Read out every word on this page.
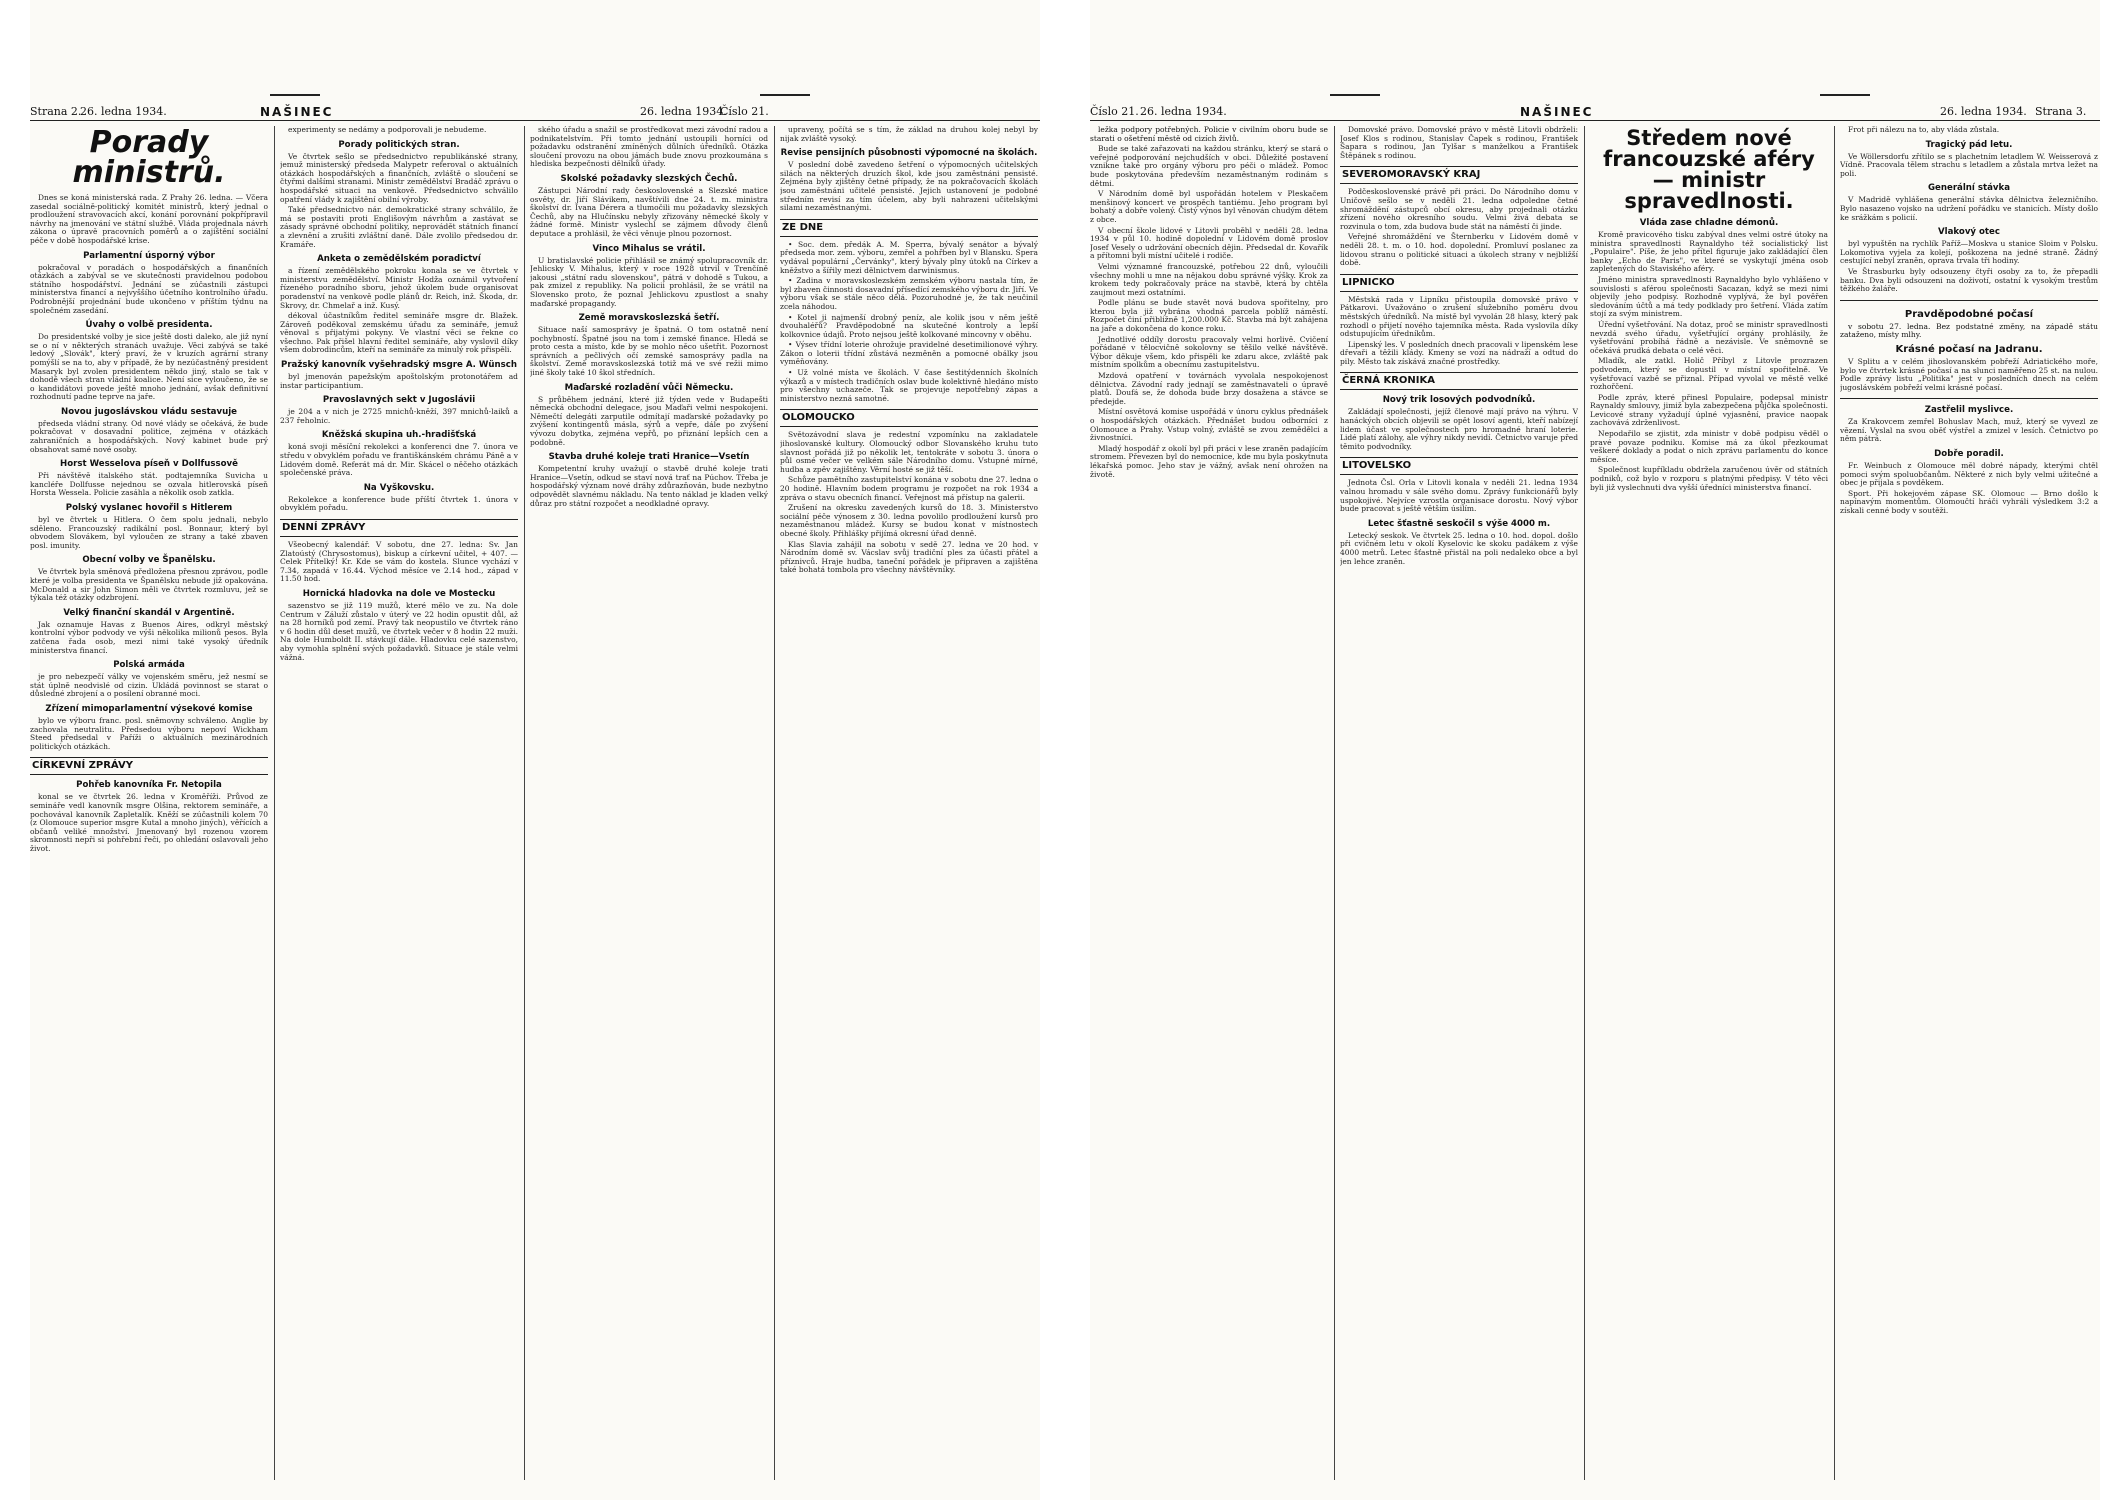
Strana 2.
26. ledna 1934.	NAŠINEC	26. ledna 1934.
Číslo 21.
Porady ministrů.

Dnes se koná ministerská rada. Z Prahy 26. ledna. — Včera zasedal sociálně-politický komitét ministrů, který jednal o prodloužení stravovacích akcí, konání porovnání pokpřípravil návrhy na jmenování ve státní službě. Vláda projednala návrh zákona o úpravě pracovních poměrů a o zajištění sociální péče v době hospodářské krise.

Parlamentní úsporný výbor

pokračoval v poradách o hospodářských a finančních otázkách a zabýval se ve skutečnosti pravidelnou podobou státního hospodářství. Jednání se zúčastnili zástupci ministerstva financí a nejvyššího účetního kontrolního úřadu. Podrobnější projednání bude ukončeno v příštím týdnu na společném zasedání.

Úvahy o volbě presidenta.

Do presidentské volby je sice ještě dosti daleko, ale již nyní se o ní v některých stranách uvažuje. Věci zabývá se také ledový „Slovák", který praví, že v kruzích agrární strany pomýšlí se na to, aby v případě, že by nezúčastněný president Masaryk byl zvolen presidentem někdo jiný, stalo se tak v dohodě všech stran vládní koalice. Není sice vyloučeno, že se o kandidátovi povede ještě mnoho jednání, avšak definitivní rozhodnutí padne teprve na jaře.

Novou jugoslávskou vládu sestavuje

předseda vládní strany. Od nové vlády se očekává, že bude pokračovat v dosavadní politice, zejména v otázkách zahraničních a hospodářských. Nový kabinet bude prý obsahovat samé nové osoby.

Horst Wesselova píseň v Dollfussově

Při návštěvě italského stát. podtajemníka Suvicha u kancléře Dollfusse nejednou se ozvala hitlerovská píseň Horsta Wessela. Policie zasáhla a několik osob zatkla.

Polský vyslanec hovořil s Hitlerem

byl ve čtvrtek u Hitlera. O čem spolu jednali, nebylo sděleno. Francouzský radikální posl. Bonnaur, který byl obvodem Slovákem, byl vyloučen ze strany a také zbaven posl. imunity.

Obecní volby ve Španělsku.

Ve čtvrtek byla směnová předložena přesnou zprávou, podle které je volba presidenta ve Španělsku nebude již opakována. McDonald a sir John Simon měli ve čtvrtek rozmluvu, jež se týkala též otázky odzbrojení.

Velký finanční skandál v Argentině.

Jak oznamuje Havas z Buenos Aires, odkryl městský kontrolní výbor podvody ve výši několika milionů pesos. Byla zatčena řada osob, mezi nimi také vysoký úředník ministerstva financí.

Polská armáda

je pro nebezpečí války ve vojenském směru, jež nesmí se stát úplně neodvislé od cizin. Ukládá povinnost se starat o důsledné zbrojení a o posílení obranné moci.

Zřízení mimoparlamentní výsekové komise

bylo ve výboru franc. posl. sněmovny schváleno. Anglie by zachovala neutralitu. Předsedou výboru nepoví Wickham Steed předsedal v Paříži o aktuálních mezinárodních politických otázkách.

CÍRKEVNÍ ZPRÁVY
Pohřeb kanovníka Fr. Netopila

konal se ve čtvrtek 26. ledna v Kroměříži. Průvod ze semináře vedl kanovník msgre Olšina, rektorem semináře, a pochovával kanovník Zapletalík. Kněží se zúčastnili kolem 70 (z Olomouce superior msgre Kutal a mnoho jiných), věřících a občanů veliké množství. Jmenovaný byl rozenou vzorem skromnosti nepři si pohřební řeči, po ohledání oslavovali jeho život.

experimenty se nedámy a podporovali je nebudeme.

Porady politických stran.

Ve čtvrtek sešlo se předsednictvo republikánské strany, jemuž ministerský předseda Malypetr referoval o aktuálních otázkách hospodářských a finančních, zvláště o sloučení se čtyřmi dalšími stranami. Ministr zemědělství Bradáč zprávu o hospodářské situaci na venkově. Předsednictvo schválilo opatření vlády k zajištění obilní výroby.

Také předsednictvo nár. demokratické strany schválilo, že má se postaviti proti Englišovým návrhům a zastávat se zásady správné obchodní politiky, neprovádět státních financí a zlevnění a zrušiti zvláštní daně. Dále zvolilo předsedou dr. Kramáře.

Anketa o zemědělském poradictví

a řízení zemědělského pokroku konala se ve čtvrtek v ministerstvu zemědělství. Ministr Hodža oznámil vytvoření řízeného poradního sboru, jehož úkolem bude organisovat poradenství na venkově podle plánů dr. Reich, inž. Škoda, dr. Skrovy, dr. Chmelař a inž. Kusý.

dékoval účastníkům ředitel semináře msgre dr. Blažek. Zároveň poděkoval zemskému úřadu za semináře, jemuž věnoval s přijatými pokyny. Ve vlastní věci se řekne co všechno. Pak přišel hlavní ředitel semináře, aby vyslovil díky všem dobrodincům, kteří na semináře za minulý rok přispěli.

Pražský kanovník vyšehradský msgre A. Wünsch

byl jmenován papežským apoštolským protonotářem ad instar participantium.

Pravoslavných sekt v Jugoslávii

je 204 a v nich je 2725 mnichů-kněží, 397 mnichů-laiků a 237 řeholnic.

Kněžská skupina uh.-hradišťská

koná svoji měsíční rekolekci a konferenci dne 7. února ve středu v obvyklém pořadu ve františkánském chrámu Páně a v Lidovém domě. Referát má dr. Mir. Skácel o něčeho otázkách společenské práva.

Na Vyškovsku.

Rekolekce a konference bude příští čtvrtek 1. února v obvyklém pořadu.

DENNÍ ZPRÁVY

Všeobecný kalendář. V sobotu, dne 27. ledna: Sv. Jan Zlatoústý (Chrysostomus), biskup a církevní učitel, + 407. — Celek Přítelký! Kr. Kde se vám do kostela. Slunce vychází v 7.34, zapadá v 16.44. Východ měsíce ve 2.14 hod., západ v 11.50 hod.

Hornická hladovka na dole ve Mostecku

sazenstvo se již 119 mužů, které mělo ve zu. Na dole Centrum v Záluží zůstalo v úterý ve 22 hodin opustit důl, až na 28 horníků pod zemí. Pravý tak neopustilo ve čtvrtek ráno v 6 hodin důl deset mužů, ve čtvrtek večer v 8 hodin 22 muži. Na dole Humboldt II. stávkují dále. Hladovku celé sazenstvo, aby vymohla splnění svých požadavků. Situace je stále velmi vážná.

ského úřadu a snažil se prostředkovat mezi závodní radou a podnikatelstvím. Při tomto jednání ustoupili horníci od požadavku odstranění zmíněných důlních úředníků. Otázka sloučení provozu na obou jámách bude znovu prozkoumána s hlediska bezpečnosti dělníků úřady.

Skolské požadavky slezských Čechů.

Zástupci Národní rady československé a Slezské matice osvěty, dr. Jiří Slávikem, navštívili dne 24. t. m. ministra školství dr. Ivana Dérera a tlumočili mu požadavky slezských Čechů, aby na Hlučínsku nebyly zřizovány německé školy v žádné formě. Ministr vyslechl se zájmem důvody členů deputace a prohlásil, že věci věnuje plnou pozornost.

Vinco Mihalus se vrátil.

U bratislavské policie přihlásil se známý spolupracovník dr. Jehlicsky V. Mihalus, který v roce 1928 utrvil v Trenčíně jakousi „státní radu slovenskou", pátrá v dohodě s Tukou, a pak zmizel z republiky. Na policii prohlásil, že se vrátil na Slovensko proto, že poznal Jehlickovu zpustlost a snahy maďarské propagandy.

Země moravskoslezská šetří.

Situace naší samosprávy je špatná. O tom ostatně není pochybností. Špatné jsou na tom i zemské finance. Hledá se proto cesta a místo, kde by se mohlo něco ušetřit. Pozornost správních a pečlivých očí zemské samosprávy padla na školství. Země moravskoslezská totiž má ve své režii mimo jiné školy také 10 škol středních.

Maďarské rozladění vůči Německu.

S průběhem jednání, které již týden vede v Budapešti německá obchodní delegace, jsou Maďaři velmi nespokojeni. Němečtí delegáti zarputile odmítají maďarské požadavky po zvýšení kontingentů másla, sýrů a vepře, dále po zvýšení vývozu dobytka, zejména vepřů, po přiznání lepších cen a podobně.

Stavba druhé koleje trati Hranice—Vsetín

Kompetentní kruhy uvažují o stavbě druhé koleje trati Hranice—Vsetín, odkud se staví nová trať na Púchov. Třeba je hospodářský význam nové dráhy zdůrazňován, bude nezbytno odpovědět slavnému nákladu. Na tento náklad je kladen velký důraz pro státní rozpočet a neodkladné opravy.

upraveny, počítá se s tím, že základ na druhou kolej nebyl by nijak zvláště vysoký.

Revise pensijních působnosti výpomocné na školách.

V poslední době zavedeno šetření o výpomocných učitelských silách na některých druzích škol, kde jsou zaměstnáni pensisté. Zejména byly zjištěny četné případy, že na pokračovacích školách jsou zaměstnáni učitelé pensisté. Jejich ustanovení je podobné středním revisí za tím účelem, aby byli nahrazeni učitelskými silami nezaměstnanými.

ZE DNE

• Soc. dem. předák A. M. Sperra, bývalý senátor a bývalý předseda mor. zem. výboru, zemřel a pohřben byl v Blansku. Spera vydával populární „Červánky", který bývaly plny útoků na Církev a kněžstvo a šířily mezi dělnictvem darwinismus.

• Zadina v moravskoslezském zemském výboru nastala tím, že byl zbaven činnosti dosavadní přísedící zemského výboru dr. Jiří. Ve výboru však se stále něco dělá. Pozoruhodné je, že tak neučinil zcela náhodou.

• Kotel ji najmenší drobný peníz, ale kolik jsou v něm ještě dvouhaléřů? Pravděpodobně na skutečné kontroly a lepší kolkovnice údajů. Proto nejsou ještě kolkované mincovny v oběhu.

• Výsev třídní loterie ohrožuje pravidelné desetimilionové výhry. Zákon o loterii třídní zůstává nezměněn a pomocné obálky jsou vyměňovány.

• Už volné místa ve školách. V čase šestitýdenních školních výkazů a v místech tradičních oslav bude kolektivně hledáno místo pro všechny uchazeče. Tak se projevuje nepotřebný zápas a ministerstvo nezná samotné.

OLOMOUCKO

Světozávodní slava je redestní vzpomínku na zakladatele jihoslovanské kultury. Olomoucký odbor Slovanského kruhu tuto slavnost pořádá již po několik let, tentokráte v sobotu 3. února o půl osmé večer ve velkém sále Národního domu. Vstupné mírné, hudba a zpěv zajištěny. Věrní hosté se již těší.

Schůze pamětního zastupitelství konána v sobotu dne 27. ledna o 20 hodině. Hlavním bodem programu je rozpočet na rok 1934 a zpráva o stavu obecních financí. Veřejnost má přístup na galerii.

Zrušení na okresku zavedených kursů do 18. 3. Ministerstvo sociální péče výnosem z 30. ledna povolilo prodloužení kursů pro nezaměstnanou mládež. Kursy se budou konat v místnostech obecné školy. Přihlášky přijímá okresní úřad denně.

Klas Slavia zahájil na sobotu v sedě 27. ledna ve 20 hod. v Národním domě sv. Vácslav svůj tradiční ples za účasti přátel a příznivců. Hraje hudba, taneční pořádek je připraven a zajištěna také bohatá tombola pro všechny návštěvníky.

Číslo 21. 26. ledna 1934.	NAŠINEC	26. ledna 1934. Strana 3.

ležka podpory potřebných. Policie v civilním oboru bude se starati o ošetření městě od cizích živlů.

Bude se také zařazovati na každou stránku, který se stará o veřejné podporování nejchudších v obci. Důležité postavení vznikne také pro orgány výboru pro péči o mládež. Pomoc bude poskytována především nezaměstnaným rodinám s dětmi.

V Národním domě byl uspořádán hotelem v Pleskačem menšinový koncert ve prospěch tantiému. Jeho program byl bohatý a dobře volený. Čistý výnos byl věnován chudým dětem z obce.

V obecní škole lidové v Litovli proběhl v neděli 28. ledna 1934 v půl 10. hodině dopolední v Lidovém domě proslov Josef Vesely o udržování obecních dějin. Předsedal dr. Kovařík a přítomni byli místní učitelé i rodiče.

Velmi významné francouzské, potřebou 22 dnů, vyloučili všechny mohli u mne na nějakou dobu správné výšky. Krok za krokem tedy pokračovaly práce na stavbě, která by chtěla zaujmout mezi ostatními.

Podle plánu se bude stavět nová budova spořitelny, pro kterou byla již vybrána vhodná parcela poblíž náměstí. Rozpočet činí přibližně 1,200.000 Kč. Stavba má být zahájena na jaře a dokončena do konce roku.

Jednotlivé oddíly dorostu pracovaly velmi horlivě. Cvičení pořádané v tělocvičně sokolovny se těšilo velké návštěvě. Výbor děkuje všem, kdo přispěli ke zdaru akce, zvláště pak místním spolkům a obecnímu zastupitelstvu.

Mzdová opatření v továrnách vyvolala nespokojenost dělnictva. Závodní rady jednají se zaměstnavateli o úpravě platů. Doufá se, že dohoda bude brzy dosažena a stávce se předejde.

Místní osvětová komise uspořádá v únoru cyklus přednášek o hospodářských otázkách. Přednášet budou odborníci z Olomouce a Prahy. Vstup volný, zvláště se zvou zemědělci a živnostníci.

Mladý hospodář z okolí byl při práci v lese zraněn padajícím stromem. Převezen byl do nemocnice, kde mu byla poskytnuta lékařská pomoc. Jeho stav je vážný, avšak není ohrožen na životě.

Domovské právo. Domovské právo v městě Litovli obdrželi: Josef Klos s rodinou, Stanislav Čapek s rodinou, František Šapara s rodinou, Jan Tylšar s manželkou a František Štěpánek s rodinou.

SEVEROMORAVSKÝ KRAJ

Podčeskoslovenské právě při práci. Do Národního domu v Uničově sešlo se v neděli 21. ledna odpoledne četné shromáždění zástupců obcí okresu, aby projednali otázku zřízení nového okresního soudu. Velmi živá debata se rozvinula o tom, zda budova bude stát na náměstí či jinde.

Veřejné shromáždění ve Šternberku v Lidovém domě v neděli 28. t. m. o 10. hod. dopolední. Promluví poslanec za lidovou stranu o politické situaci a úkolech strany v nejbližší době.

LIPNICKO

Městská rada v Lipníku přistoupila domovské právo v Pátkarovi. Uvažováno o zrušení služebního poměru dvou městských úředníků. Na místě byl vyvolán 28 hlasy, který pak rozhodl o přijetí nového tajemníka města. Rada vyslovila díky odstupujícím úředníkům.

Lipenský les. V posledních dnech pracovali v lipenském lese dřevaři a těžili klády. Kmeny se vozí na nádraží a odtud do pily. Město tak získává značné prostředky.

ČERNÁ KRONIKA
Nový trik losových podvodníků.

Zakládají společnosti, jejíž členové mají právo na výhru. V hanáckých obcích objevili se opět losoví agenti, kteří nabízejí lidem účast ve společnostech pro hromadné hraní loterie. Lidé platí zálohy, ale výhry nikdy nevidí. Četnictvo varuje před těmito podvodníky.

LITOVELSKO

Jednota Čsl. Orla v Litovli konala v neděli 21. ledna 1934 valnou hromadu v sále svého domu. Zprávy funkcionářů byly uspokojivé. Nejvíce vzrostla organisace dorostu. Nový výbor bude pracovat s ještě větším úsilím.

Letec šťastně seskočil s výše 4000 m.

Letecký seskok. Ve čtvrtek 25. ledna o 10. hod. dopol. došlo při cvičném letu v okolí Kyselovic ke skoku padákem z výše 4000 metrů. Letec šťastně přistál na poli nedaleko obce a byl jen lehce zraněn.

Středem nové francouzské aféry — ministr spravedlnosti.
Vláda zase chladne démonů.

Kromě pravicového tisku zabýval dnes velmi ostré útoky na ministra spravedlnosti Raynaldyho též socialistický list „Populaire". Píše, že jeho přítel figuruje jako zakládající člen banky „Echo de Paris", ve které se vyskytují jména osob zapletených do Staviského aféry.

Jméno ministra spravedlnosti Raynaldyho bylo vyhlášeno v souvislosti s aférou společnosti Sacazan, když se mezi nimi objevily jeho podpisy. Rozhodně vyplývá, že byl pověřen sledováním účtů a má tedy podklady pro šetření. Vláda zatím stojí za svým ministrem.

Úřední vyšetřování. Na dotaz, proč se ministr spravedlnosti nevzdá svého úřadu, vyšetřující orgány prohlásily, že vyšetřování probíhá řádně a nezávisle. Ve sněmovně se očekává prudká debata o celé věci.

Mladík, ale zatkl. Holič Příbyl z Litovle prozrazen podvodem, který se dopustil v místní spořitelně. Ve vyšetřovací vazbě se přiznal. Případ vyvolal ve městě velké rozhořčení.

Podle zpráv, které přinesl Populaire, podepsal ministr Raynaldy smlouvy, jimiž byla zabezpečena půjčka společnosti. Levicové strany vyžadují úplné vyjasnění, pravice naopak zachovává zdrženlivost.

Nepodařilo se zjistit, zda ministr v době podpisu věděl o pravé povaze podniku. Komise má za úkol přezkoumat veškeré doklady a podat o nich zprávu parlamentu do konce měsíce.

Společnost kupříkladu obdržela zaručenou úvěr od státních podniků, což bylo v rozporu s platnými předpisy. V této věci byli již vyslechnuti dva vyšší úředníci ministerstva financí.

Frot při nálezu na to, aby vláda zůstala.

Tragický pád letu.

Ve Wöllersdorfu zřítilo se s plachetním letadlem W. Weisserová z Vídně. Pracovala tělem strachu s letadlem a zůstala mrtva ležet na poli.

Generální stávka

V Madridě vyhlášena generální stávka dělnictva železničního. Bylo nasazeno vojsko na udržení pořádku ve stanicích. Místy došlo ke srážkám s policií.

Vlakový otec

byl vypuštěn na rychlík Paříž—Moskva u stanice Sloim v Polsku. Lokomotiva vyjela za kolejí, poškozena na jedné straně. Žádný cestující nebyl zraněn, oprava trvala tři hodiny.

Ve Štrasburku byly odsouzeny čtyři osoby za to, že přepadli banku. Dva byli odsouzeni na doživotí, ostatní k vysokým trestům těžkého žaláře.

Pravděpodobné počasí

v sobotu 27. ledna. Bez podstatné změny, na západě státu zataženo, místy mlhy.

Krásné počasí na Jadranu.

V Splitu a v celém jihoslovanském pobřeží Adriatického moře, bylo ve čtvrtek krásné počasí a na slunci naměřeno 25 st. na nulou. Podle zprávy listu „Politika" jest v posledních dnech na celém jugoslávském pobřeží velmi krásné počasí.

Zastřelil myslivce.

Za Krakovcem zemřel Bohuslav Mach, muž, který se vyvezl ze vězení. Vyslal na svou oběť výstřel a zmizel v lesích. Četnictvo po něm pátrá.

Dobře poradil.

Fr. Weinbuch z Olomouce měl dobré nápady, kterými chtěl pomoci svým spoluobčanům. Některé z nich byly velmi užitečné a obec je přijala s povděkem.

Sport. Při hokejovém zápase SK. Olomouc — Brno došlo k napínavým momentům. Olomoučtí hráči vyhráli výsledkem 3:2 a získali cenné body v soutěži.
